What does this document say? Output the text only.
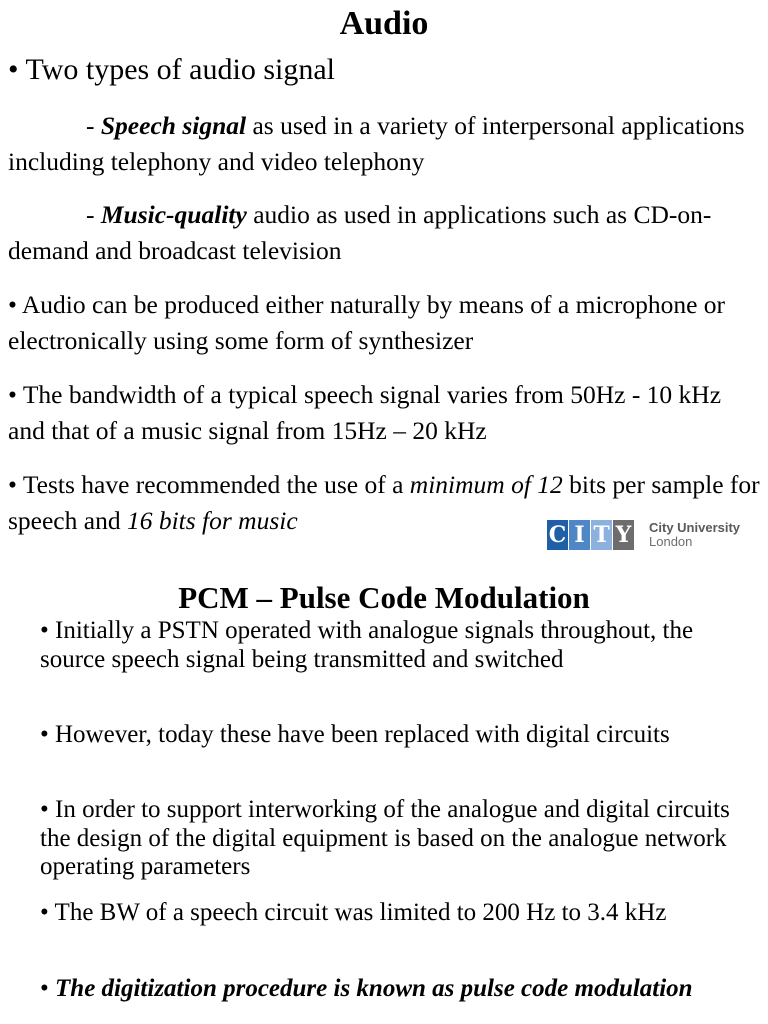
Audio
• Two types of audio signal

- Speech signal as used in a variety of interpersonal applications including telephony and video telephony

- Music-quality audio as used in applications such as CD-on-demand and broadcast television

• Audio can be produced either naturally by means of a microphone or electronically using some form of synthesizer

• The bandwidth of a typical speech signal varies from 50Hz - 10 kHz and that of a music signal from 15Hz – 20 kHz

• Tests have recommended the use of a minimum of 12 bits per sample for speech and 16 bits for music	C I T Y City University
London
PCM – Pulse Code Modulation

• Initially a PSTN operated with analogue signals throughout, the source speech signal being transmitted and switched

• However, today these have been replaced with digital circuits

• In order to support interworking of the analogue and digital circuits the design of the digital equipment is based on the analogue network operating parameters

• The BW of a speech circuit was limited to 200 Hz to 3.4 kHz

• The digitization procedure is known as pulse code modulation
